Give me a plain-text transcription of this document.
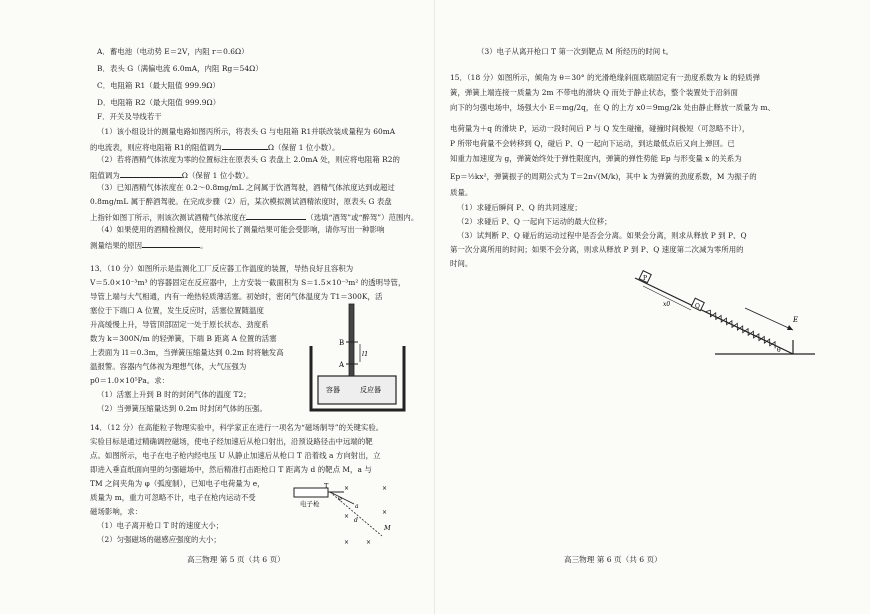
A．蓄电池（电动势 E＝2V，内阻 r＝0.6Ω）
B．表头 G（满偏电流 6.0mA，内阻 Rg＝54Ω）
C．电阻箱 R1（最大阻值 999.9Ω）
D．电阻箱 R2（最大阻值 999.9Ω）
F．开关及导线若干
（1）该小组设计的测量电路如图丙所示，将表头 G 与电阻箱 R1并联改装成量程为 60mA
的电流表，则应将电阻箱 R1的阻值调为	Ω（保留 1 位小数）。
（2）若将酒精气体浓度为零的位置标注在原表头 G 表盘上 2.0mA 处，则应将电阻箱 R2的
阻值调为	Ω（保留 1 位小数）。
（3）已知酒精气体浓度在 0.2～0.8mg/mL 之间属于饮酒驾驶，酒精气体浓度达到或超过
0.8mg/mL 属于醉酒驾驶。在完成步骤（2）后，某次模拟测试酒精浓度时，原表头 G 表盘
上指针如图丁所示，则该次测试酒精气体浓度在	（选填“酒驾”或“醉驾”）范围内。
（4）如果使用的酒精检测仪，使用时间长了测量结果可能会受影响，请你写出一种影响
测量结果的原因	。
13．（10 分）如图所示是监测化工厂反应器工作温度的装置，导热良好且容积为
V＝5.0×10⁻³m³ 的容器固定在反应器中，上方安装一截面积为 S＝1.5×10⁻³m² 的透明导管，
导管上端与大气相通，内有一绝热轻质薄活塞。初始时，密闭气体温度为 T1＝300K，活
塞位于下端口 A 位置，发生反应时，活塞位置随温度
升高缓慢上升，导管顶部固定一处于原长状态、劲度系
数为 k＝300N/m 的轻弹簧，下端 B 距离 A 位置的活塞
上表面为 l1＝0.3m，当弹簧压缩量达到 0.2m 时将触发高
温报警。容器内气体视为理想气体，大气压强为
p0＝1.0×10⁵Pa。求：
（1）活塞上升到 B 时的封闭气体的温度 T2；
（2）当弹簧压缩量达到 0.2m 时封闭气体的压强。
B
A
l1
容器	反应器
14．（12 分）在高能粒子物理实验中，科学家正在进行一项名为“磁场制导”的关键实验。
实验目标是通过精确调控磁场，使电子经加速后从枪口射出，沿预设路径击中远端的靶
点。如图所示，电子在电子枪内经电压 U 从静止加速后从枪口 T 沿着线 a 方向射出，立
即进入垂直纸面向里的匀强磁场中，然后精准打击距枪口 T 距离为 d 的靶点 M，a 与
TM 之间夹角为 φ（弧度制），已知电子电荷量为 e，
质量为 m，重力可忽略不计，电子在枪内运动不受
磁场影响，求：
（1）电子离开枪口 T 时的速度大小；
（2）匀强磁场的磁感应强度的大小；
电子枪
T
a
d
M
φ
×	×
×
×
×	×
高三物理 第 5 页（共 6 页）
（3）电子从离开枪口 T 第一次到靶点 M 所经历的时间 t。
15．（18 分）如图所示，倾角为 θ＝30° 的光滑绝缘斜面底端固定有一劲度系数为 k 的轻质弹
簧，弹簧上端连接一质量为 2m 不带电的滑块 Q 而处于静止状态，整个装置处于沿斜面
向下的匀强电场中，场强大小 E＝mg/2q，在 Q 的上方 x0＝9mg/2k 处由静止释放一质量为 m、
电荷量为＋q 的滑块 P，运动一段时间后 P 与 Q 发生碰撞，碰撞时间极短（可忽略不计），
P 所带电荷量不会转移到 Q，碰后 P、Q 一起向下运动，到达最低点后又向上弹回。已
知重力加速度为 g，弹簧始终处于弹性限度内，弹簧的弹性势能 Ep 与形变量 x 的关系为
Ep＝½kx²，弹簧振子的周期公式为 T＝2π√(M/k)，其中 k 为弹簧的劲度系数，M 为振子的
质量。
（1）求碰后瞬间 P、Q 的共同速度；
（2）求碰后 P、Q 一起向下运动的最大位移；
（3）试判断 P、Q 碰后的运动过程中是否会分离。如果会分离，则求从释放 P 到 P、Q
第一次分离所用的时间；如果不会分离，则求从释放 P 到 P、Q 速度第二次减为零所用的
时间。
P
Q
x0
E
θ
高三物理 第 6 页（共 6 页）
